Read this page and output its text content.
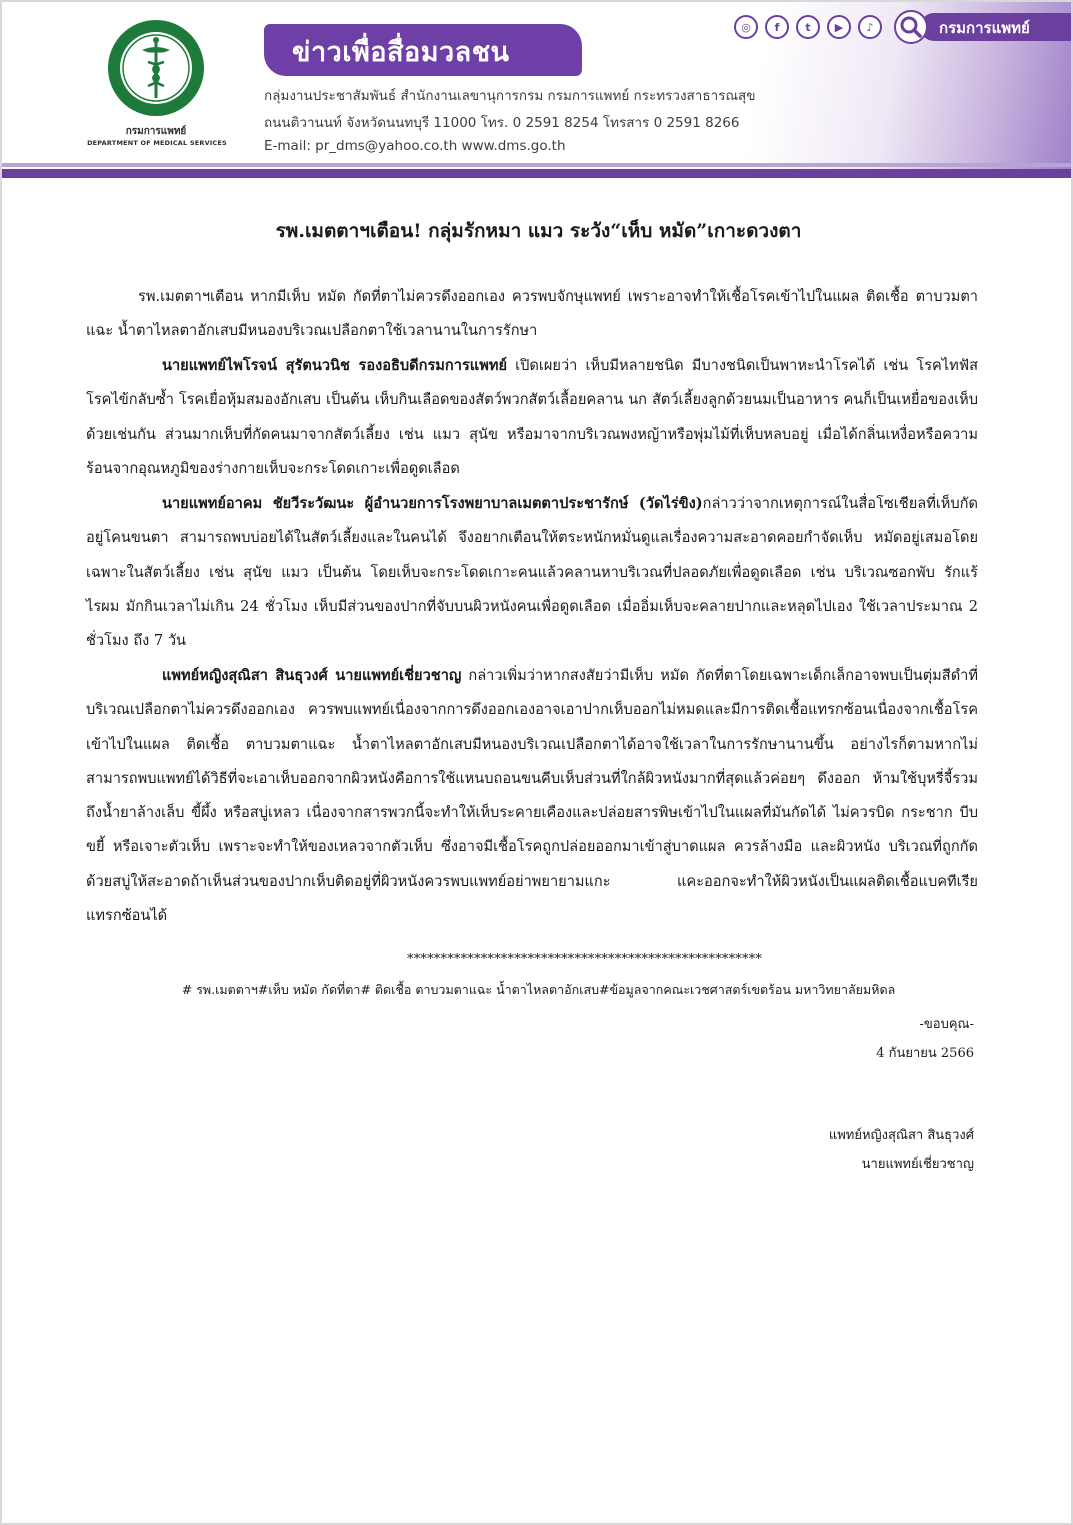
กรมการแพทย์
DEPARTMENT OF MEDICAL SERVICES
ข่าวเพื่อสื่อมวลชน
กลุ่มงานประชาสัมพันธ์ สำนักงานเลขานุการกรม กรมการแพทย์ กระทรวงสาธารณสุข
ถนนติวานนท์ จังหวัดนนทบุรี 11000 โทร. 0 2591 8254 โทรสาร 0 2591 8266
E-mail: pr_dms@yahoo.co.th www.dms.go.th
◎	f	t	▶	♪	กรมการแพทย์
รพ.เมตตาฯเตือน! กลุ่มรักหมา แมว ระวัง“เห็บ หมัด”เกาะดวงตา

รพ.เมตตาฯเตือน หากมีเห็บ หมัด กัดที่ตาไม่ควรดึงออกเอง ควรพบจักษุแพทย์ เพราะอาจทำให้เชื้อโรคเข้าไปในแผล ติดเชื้อ ตาบวมตาแฉะ น้ำตาไหลตาอักเสบมีหนองบริเวณเปลือกตาใช้เวลานานในการรักษา

นายแพทย์ไพโรจน์ สุรัตนวนิช รองอธิบดีกรมการแพทย์ เปิดเผยว่า เห็บมีหลายชนิด มีบางชนิดเป็นพาหะนำโรคได้ เช่น โรคไทฟัส โรคไข้กลับซ้ำ โรคเยื่อหุ้มสมองอักเสบ เป็นต้น เห็บกินเลือดของสัตว์พวกสัตว์เลื้อยคลาน นก สัตว์เลี้ยงลูกด้วยนมเป็นอาหาร คนก็เป็นเหยื่อของเห็บด้วยเช่นกัน ส่วนมากเห็บที่กัดคนมาจากสัตว์เลี้ยง เช่น แมว สุนัข หรือมาจากบริเวณพงหญ้าหรือพุ่มไม้ที่เห็บหลบอยู่ เมื่อได้กลิ่นเหงื่อหรือความร้อนจากอุณหภูมิของร่างกายเห็บจะกระโดดเกาะเพื่อดูดเลือด

นายแพทย์อาคม ชัยวีระวัฒนะ ผู้อำนวยการโรงพยาบาลเมตตาประชารักษ์ (วัดไร่ขิง)กล่าวว่าจากเหตุการณ์ในสื่อโซเชียลที่เห็บกัดอยู่โคนขนตา สามารถพบบ่อยได้ในสัตว์เลี้ยงและในคนได้ จึงอยากเตือนให้ตระหนักหมั่นดูแลเรื่องความสะอาดคอยกำจัดเห็บ หมัดอยู่เสมอโดยเฉพาะในสัตว์เลี้ยง เช่น สุนัข แมว เป็นต้น โดยเห็บจะกระโดดเกาะคนแล้วคลานหาบริเวณที่ปลอดภัยเพื่อดูดเลือด เช่น บริเวณซอกพับ รักแร้ ไรผม มักกินเวลาไม่เกิน 24 ชั่วโมง เห็บมีส่วนของปากที่จับบนผิวหนังคนเพื่อดูดเลือด เมื่ออิ่มเห็บจะคลายปากและหลุดไปเอง ใช้เวลาประมาณ 2 ชั่วโมง ถึง 7 วัน

แพทย์หญิงสุณิสา สินธุวงศ์ นายแพทย์เชี่ยวชาญ กล่าวเพิ่มว่าหากสงสัยว่ามีเห็บ หมัด กัดที่ตาโดยเฉพาะเด็กเล็กอาจพบเป็นตุ่มสีดำที่บริเวณเปลือกตาไม่ควรดึงออกเอง ควรพบแพทย์เนื่องจากการดึงออกเองอาจเอาปากเห็บออกไม่หมดและมีการติดเชื้อแทรกซ้อนเนื่องจากเชื้อโรคเข้าไปในแผล ติดเชื้อ ตาบวมตาแฉะ น้ำตาไหลตาอักเสบมีหนองบริเวณเปลือกตาได้อาจใช้เวลาในการรักษานานขึ้น อย่างไรก็ตามหากไม่สามารถพบแพทย์ได้วิธีที่จะเอาเห็บออกจากผิวหนังคือการใช้แหนบถอนขนคีบเห็บส่วนที่ใกล้ผิวหนังมากที่สุดแล้วค่อยๆ ดึงออก ห้ามใช้บุหรี่จี้รวมถึงน้ำยาล้างเล็บ ขี้ผึ้ง หรือสบู่เหลว เนื่องจากสารพวกนี้จะทำให้เห็บระคายเคืองและปล่อยสารพิษเข้าไปในแผลที่มันกัดได้ ไม่ควรบิด กระชาก บีบขยี้ หรือเจาะตัวเห็บ เพราะจะทำให้ของเหลวจากตัวเห็บ ซึ่งอาจมีเชื้อโรคถูกปล่อยออกมาเข้าสู่บาดแผล ควรล้างมือ และผิวหนัง บริเวณที่ถูกกัดด้วยสบู่ให้สะอาดถ้าเห็นส่วนของปากเห็บติดอยู่ที่ผิวหนังควรพบแพทย์อย่าพยายามแกะ แคะออกจะทำให้ผิวหนังเป็นแผลติดเชื้อแบคทีเรียแทรกซ้อนได้

*****************************************************
# รพ.เมตตาฯ#เห็บ หมัด กัดที่ตา# ติดเชื้อ ตาบวมตาแฉะ น้ำตาไหลตาอักเสบ#ข้อมูลจากคณะเวชศาสตร์เขตร้อน มหาวิทยาลัยมหิดล
-ขอบคุณ-
4 กันยายน 2566
แพทย์หญิงสุณิสา สินธุวงศ์
นายแพทย์เชี่ยวชาญ
